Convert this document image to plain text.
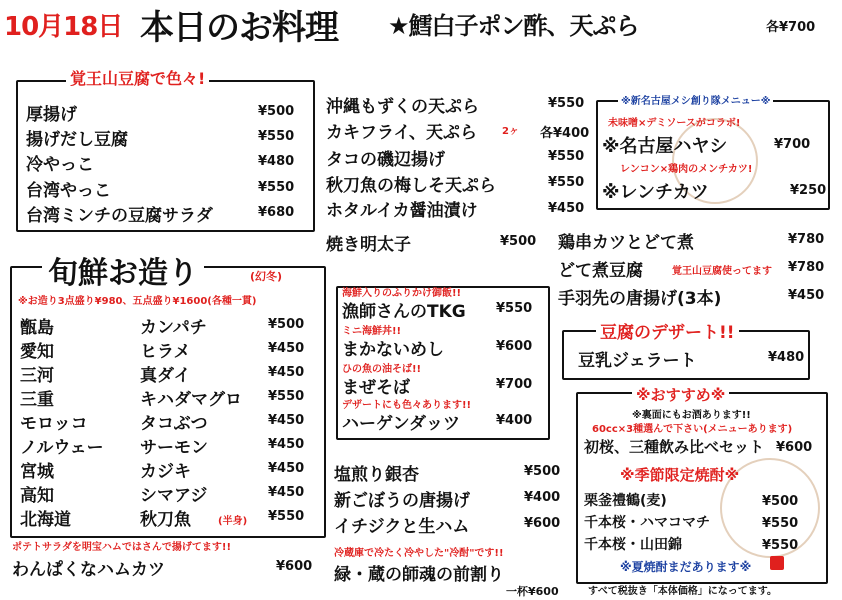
10月18日 本日のお料理 ★鱈白子ポン酢、天ぷら	各¥700
覚王山豆腐で色々!
厚揚げ	¥500
揚げだし豆腐	¥550
冷やっこ	¥480
台湾やっこ	¥550
台湾ミンチの豆腐サラダ	¥680
沖縄もずくの天ぷら	¥550
カキフライ、天ぷら	2ヶ 各¥400
タコの磯辺揚げ	¥550
秋刀魚の梅しそ天ぷら	¥550
ホタルイカ醤油漬け	¥450
焼き明太子	¥500
※新名古屋メシ創り隊メニュー※
未味噌×デミソースがコラボ!
※名古屋ハヤシ	¥700
レンコン×鶏肉のメンチカツ!
※レンチカツ	¥250
鶏串カツとどて煮	¥780
どて煮豆腐	覚王山豆腐使ってます ¥780
手羽先の唐揚げ(3本)	¥450
豆腐のデザート!!
豆乳ジェラート	¥480
旬鮮お造り	(幻冬)
※お造り3点盛り¥980、五点盛り¥1600(各種一貫)
甑島	カンパチ	¥500
愛知	ヒラメ	¥450
三河	真ダイ	¥450
三重	キハダマグロ ¥550
モロッコ	タコぶつ	¥450
ノルウェー サーモン	¥450
宮城	カジキ	¥450
高知	シマアジ	¥450
北海道	秋刀魚	(半身) ¥550
ポテトサラダを明宝ハムではさんで揚げてます!!
わんぱくなハムカツ	¥600
海鮮入りのふりかけ御飯!!
漁師さんのTKG ¥550
ミニ海鮮丼!!
まかないめし	¥600
ひの魚の油そば!!
まぜそば	¥700
デザートにも色々あります!!
ハーゲンダッツ	¥400
塩煎り銀杏	¥500
新ごぼうの唐揚げ	¥400
イチジクと生ハム	¥600
冷蔵庫で冷たく冷やした"冷酎"です!!
緑・蔵の師魂の前割り
一杯¥600
※おすすめ※
※裏面にもお酒あります!!
60cc×3種選んで下さい(メニューあります)
初桜、三種飲み比べセット ¥600
※季節限定焼酎※
栗釜禮鶴(麦)	¥500
千本桜・ハマコマチ	¥550
千本桜・山田錦	¥550
※夏焼酎まだあります※
すべて税抜き「本体価格」になってます。
